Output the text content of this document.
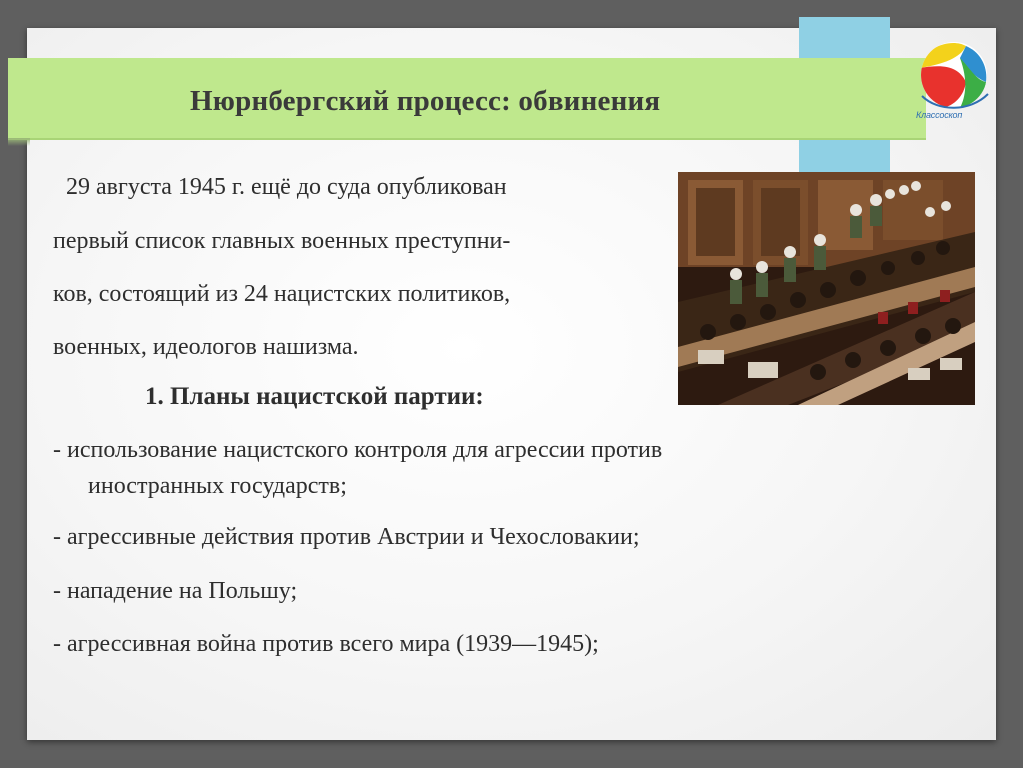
Нюрнбергский процесс: обвинения	Классоскоп

29 августа 1945 г. ещё до суда опубликован

первый список главных военных преступни-

ков, состоящий из 24 нацистских политиков,

военных, идеологов нашизма.

1. Планы нацистской партии:

- использование нацистского контроля для агрессии против

иностранных государств;

- агрессивные действия против Австрии и Чехословакии;

- нападение на Польшу;

- агрессивная война против всего мира (1939—1945);
